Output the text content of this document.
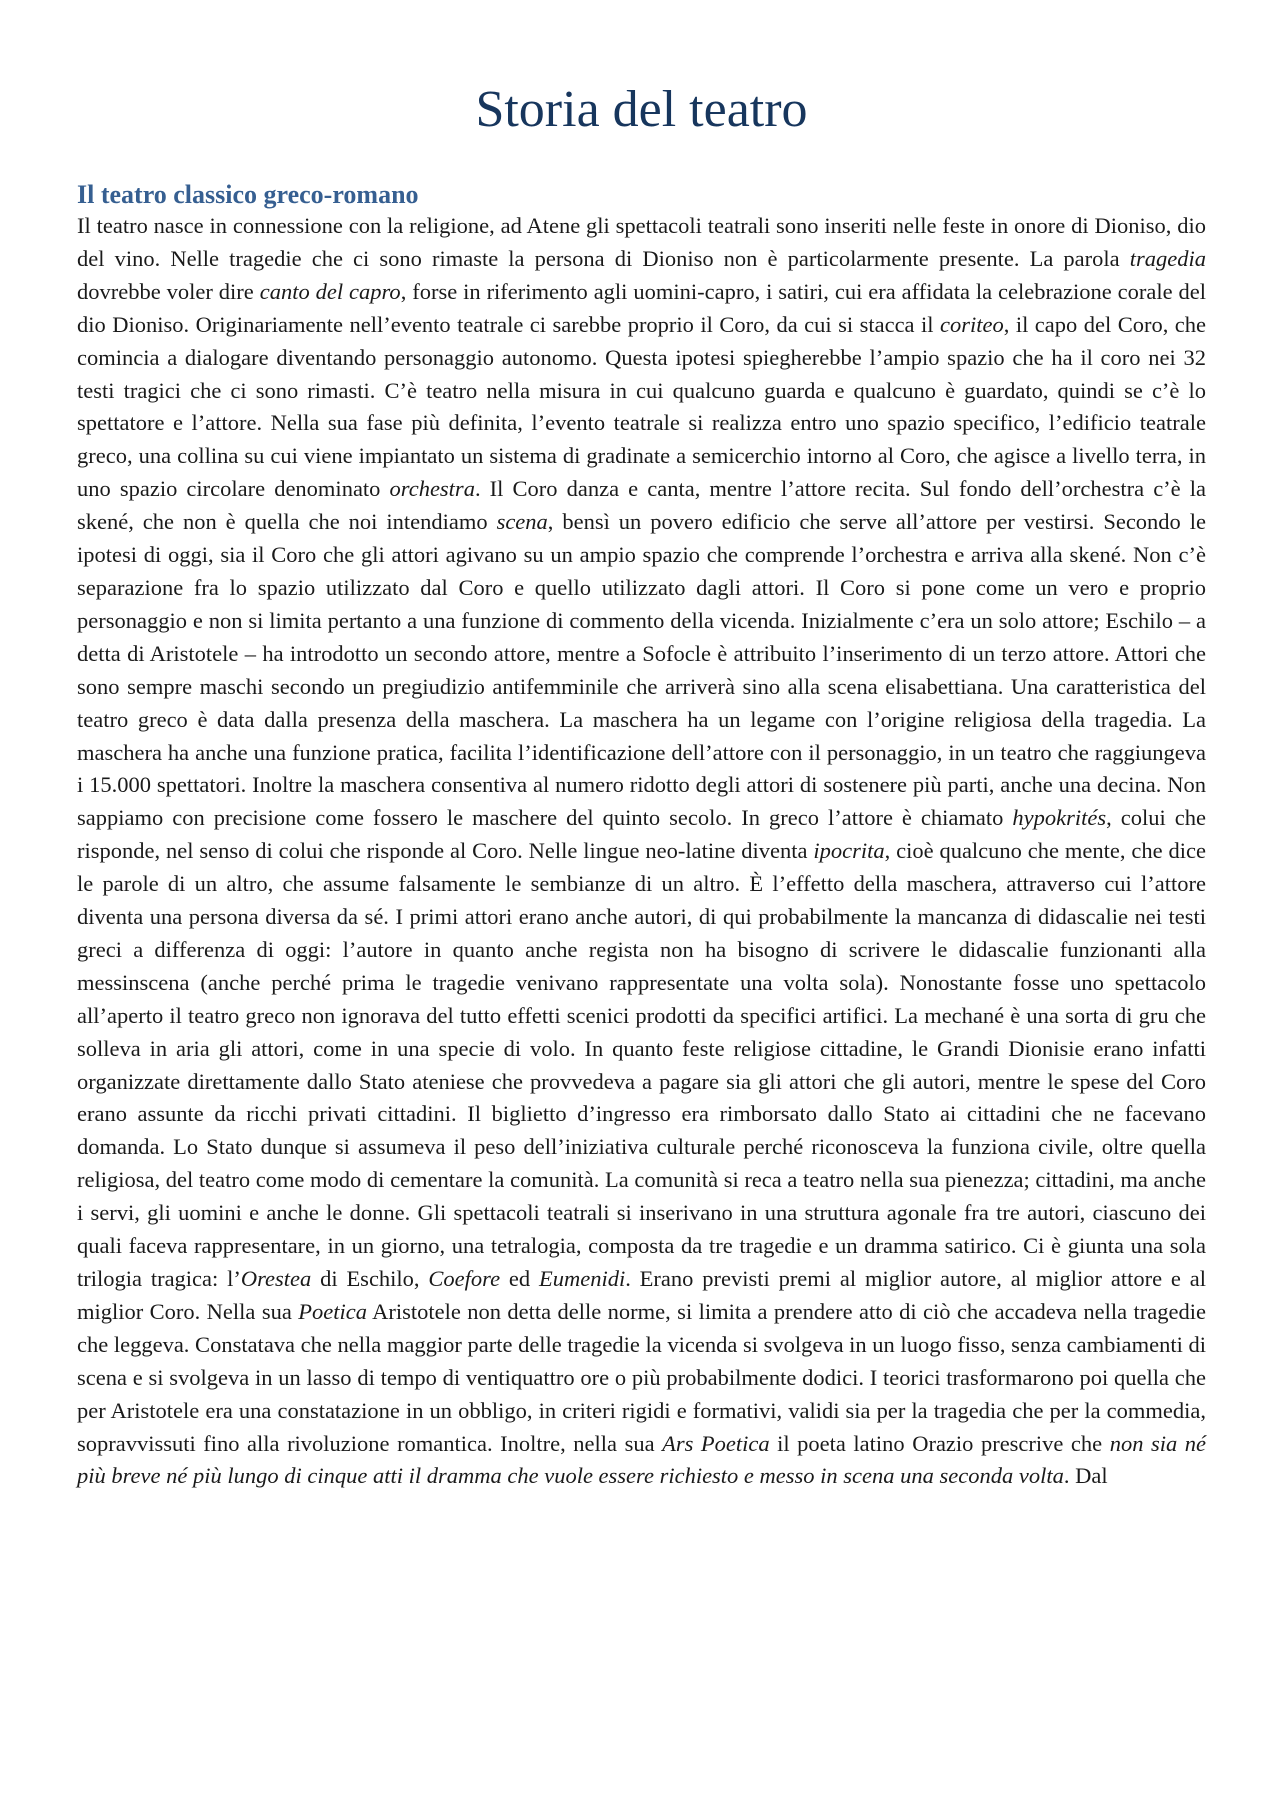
Storia del teatro
Il teatro classico greco-romano

Il teatro nasce in connessione con la religione, ad Atene gli spettacoli teatrali sono inseriti nelle feste in onore di Dioniso, dio del vino. Nelle tragedie che ci sono rimaste la persona di Dioniso non è particolarmente presente. La parola tragedia dovrebbe voler dire canto del capro, forse in riferimento agli uomini-capro, i satiri, cui era affidata la celebrazione corale del dio Dioniso. Originariamente nell’evento teatrale ci sarebbe proprio il Coro, da cui si stacca il coriteo, il capo del Coro, che comincia a dialogare diventando personaggio autonomo. Questa ipotesi spiegherebbe l’ampio spazio che ha il coro nei 32 testi tragici che ci sono rimasti. C’è teatro nella misura in cui qualcuno guarda e qualcuno è guardato, quindi se c’è lo spettatore e l’attore. Nella sua fase più definita, l’evento teatrale si realizza entro uno spazio specifico, l’edificio teatrale greco, una collina su cui viene impiantato un sistema di gradinate a semicerchio intorno al Coro, che agisce a livello terra, in uno spazio circolare denominato orchestra. Il Coro danza e canta, mentre l’attore recita. Sul fondo dell’orchestra c’è la skené, che non è quella che noi intendiamo scena, bensì un povero edificio che serve all’attore per vestirsi. Secondo le ipotesi di oggi, sia il Coro che gli attori agivano su un ampio spazio che comprende l’orchestra e arriva alla skené. Non c’è separazione fra lo spazio utilizzato dal Coro e quello utilizzato dagli attori. Il Coro si pone come un vero e proprio personaggio e non si limita pertanto a una funzione di commento della vicenda. Inizialmente c’era un solo attore; Eschilo – a detta di Aristotele – ha introdotto un secondo attore, mentre a Sofocle è attribuito l’inserimento di un terzo attore. Attori che sono sempre maschi secondo un pregiudizio antifemminile che arriverà sino alla scena elisabettiana. Una caratteristica del teatro greco è data dalla presenza della maschera. La maschera ha un legame con l’origine religiosa della tragedia. La maschera ha anche una funzione pratica, facilita l’identificazione dell’attore con il personaggio, in un teatro che raggiungeva i 15.000 spettatori. Inoltre la maschera consentiva al numero ridotto degli attori di sostenere più parti, anche una decina. Non sappiamo con precisione come fossero le maschere del quinto secolo. In greco l’attore è chiamato hypokrités, colui che risponde, nel senso di colui che risponde al Coro. Nelle lingue neo-latine diventa ipocrita, cioè qualcuno che mente, che dice le parole di un altro, che assume falsamente le sembianze di un altro. È l’effetto della maschera, attraverso cui l’attore diventa una persona diversa da sé. I primi attori erano anche autori, di qui probabilmente la mancanza di didascalie nei testi greci a differenza di oggi: l’autore in quanto anche regista non ha bisogno di scrivere le didascalie funzionanti alla messinscena (anche perché prima le tragedie venivano rappresentate una volta sola). Nonostante fosse uno spettacolo all’aperto il teatro greco non ignorava del tutto effetti scenici prodotti da specifici artifici. La mechané è una sorta di gru che solleva in aria gli attori, come in una specie di volo. In quanto feste religiose cittadine, le Grandi Dionisie erano infatti organizzate direttamente dallo Stato ateniese che provvedeva a pagare sia gli attori che gli autori, mentre le spese del Coro erano assunte da ricchi privati cittadini. Il biglietto d’ingresso era rimborsato dallo Stato ai cittadini che ne facevano domanda. Lo Stato dunque si assumeva il peso dell’iniziativa culturale perché riconosceva la funziona civile, oltre quella religiosa, del teatro come modo di cementare la comunità. La comunità si reca a teatro nella sua pienezza; cittadini, ma anche i servi, gli uomini e anche le donne. Gli spettacoli teatrali si inserivano in una struttura agonale fra tre autori, ciascuno dei quali faceva rappresentare, in un giorno, una tetralogia, composta da tre tragedie e un dramma satirico. Ci è giunta una sola trilogia tragica: l’Orestea di Eschilo, Coefore ed Eumenidi. Erano previsti premi al miglior autore, al miglior attore e al miglior Coro. Nella sua Poetica Aristotele non detta delle norme, si limita a prendere atto di ciò che accadeva nella tragedie che leggeva. Constatava che nella maggior parte delle tragedie la vicenda si svolgeva in un luogo fisso, senza cambiamenti di scena e si svolgeva in un lasso di tempo di ventiquattro ore o più probabilmente dodici. I teorici trasformarono poi quella che per Aristotele era una constatazione in un obbligo, in criteri rigidi e formativi, validi sia per la tragedia che per la commedia, sopravvissuti fino alla rivoluzione romantica. Inoltre, nella sua Ars Poetica il poeta latino Orazio prescrive che non sia né più breve né più lungo di cinque atti il dramma che vuole essere richiesto e messo in scena una seconda volta. Dal
